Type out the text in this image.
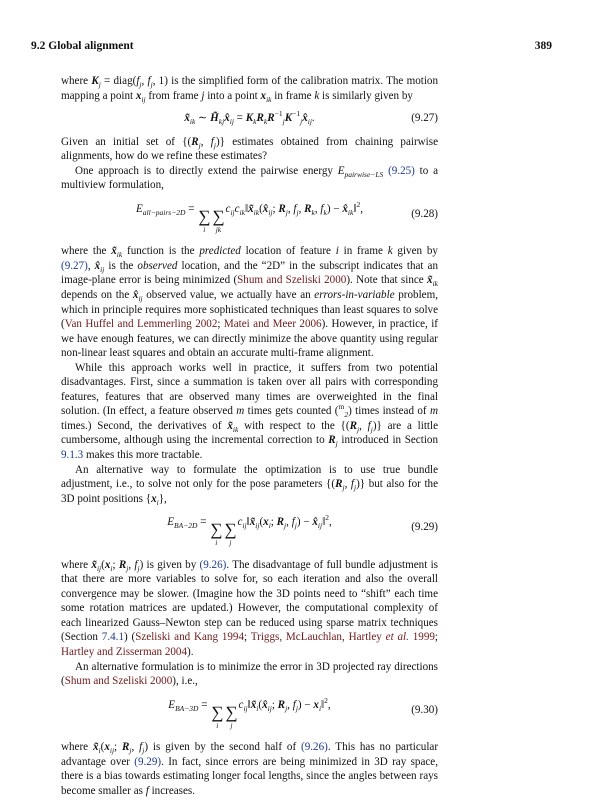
9.2 Global alignment	389
where $K_j$ = $diag(f_j$, $f_j$, 1) is the simplified form of the calibration matrix. The motion mapping a point $x_{ij}$ from frame j into a point $x_{ik}$ in frame k is similarly given by
$x̃_{ik}$ ∼ $H̃_{kj}x̂_{ij}$ = $K_kR_kR^{-1}_jK^{-1}_jx̂_{ij}$.	(9.27)
Given an initial set of {($R_j$, $f_j$)} estimates obtained from chaining pairwise alignments, how do we refine these estimates?
One approach is to directly extend the pairwise energy $E_{pairwise-LS}$ (9.25) to a multiview formulation,
$E_{all-pairs-2D}$ = ∑
i
∑
jk
$c_{ij}c_{ik}‖x̃_{ik}(x̂_{ij}$; $R_j$, $f_j$, $R_k$, $f_k$) − $x̂_{ik}‖^2$,	(9.28)
where the $x̃_{ik}$ function is the predicted location of feature i in frame k given by (9.27), $x̂_{ij}$ is the observed location, and the “2D” in the subscript indicates that an image-plane error is being minimized (Shum and Szeliski 2000). Note that since $x̃_{ik}$ depends on the $x̂_{ij}$ observed value, we actually have an errors-in-variable problem, which in principle requires more sophisticated techniques than least squares to solve (Van Huffel and Lemmerling 2002; Matei and Meer 2006). However, in practice, if we have enough features, we can directly minimize the above quantity using regular non-linear least squares and obtain an accurate multi-frame alignment.
While this approach works well in practice, it suffers from two potential disadvantages. First, since a summation is taken over all pairs with corresponding features, features that are observed many times are overweighted in the final solution. (In effect, a feature observed m times gets counted ($^m_2$) times instead of m times.) Second, the derivatives of $x̃_{ik}$ with respect to the {($R_j$, $f_j$)} are a little cumbersome, although using the incremental correction to $R_j$ introduced in Section 9.1.3 makes this more tractable.
An alternative way to formulate the optimization is to use true bundle adjustment, i.e., to solve not only for the pose parameters {($R_j$, $f_j$)} but also for the 3D point positions $\{x_i\}$,
$E_{BA-2D}$ = ∑
i
∑
j
$c_{ij}‖x̃_{ij}(x_i$; $R_j$, $f_j$) − $x̂_{ij}‖^2$,	(9.29)
where $x̃_{ij}(x_i$; $R_j$, $f_j$) is given by (9.26). The disadvantage of full bundle adjustment is that there are more variables to solve for, so each iteration and also the overall convergence may be slower. (Imagine how the 3D points need to “shift” each time some rotation matrices are updated.) However, the computational complexity of each linearized Gauss–Newton step can be reduced using sparse matrix techniques (Section 7.4.1) (Szeliski and Kang 1994; Triggs, McLauchlan, Hartley et al. 1999; Hartley and Zisserman 2004).
An alternative formulation is to minimize the error in 3D projected ray directions (Shum and Szeliski 2000), i.e.,
$E_{BA-3D}$ = ∑
i
∑
j
$c_{ij}‖x̃_i(x̂_{ij}$; $R_j$, $f_j$) − $x_i‖^2$,	(9.30)
where $x̃_i(x_{ij}$; $R_j$, $f_j$) is given by the second half of (9.26). This has no particular advantage over (9.29). In fact, since errors are being minimized in 3D ray space, there is a bias towards estimating longer focal lengths, since the angles between rays become smaller as f increases.
